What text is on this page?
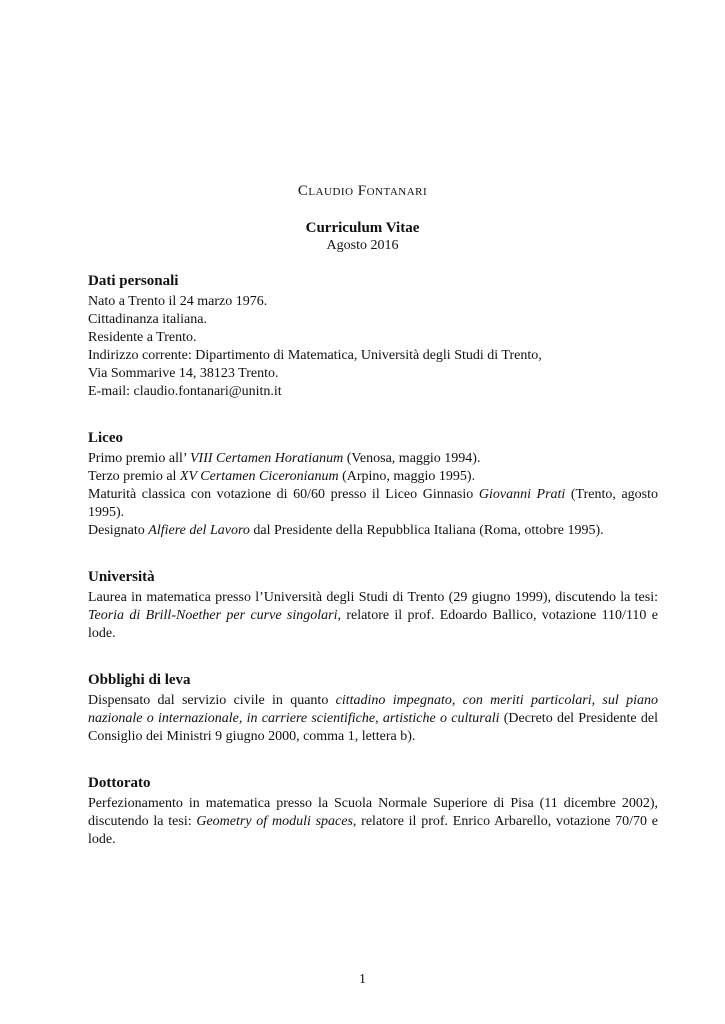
Claudio Fontanari
Curriculum Vitae
Agosto 2016
Dati personali
Nato a Trento il 24 marzo 1976.
Cittadinanza italiana.
Residente a Trento.
Indirizzo corrente: Dipartimento di Matematica, Università degli Studi di Trento,
Via Sommarive 14, 38123 Trento.
E-mail: claudio.fontanari@unitn.it
Liceo
Primo premio all’ VIII Certamen Horatianum (Venosa, maggio 1994).
Terzo premio al XV Certamen Ciceronianum (Arpino, maggio 1995).
Maturità classica con votazione di 60/60 presso il Liceo Ginnasio Giovanni Prati (Trento, agosto 1995).
Designato Alfiere del Lavoro dal Presidente della Repubblica Italiana (Roma, ottobre 1995).
Università
Laurea in matematica presso l’Università degli Studi di Trento (29 giugno 1999), discutendo la tesi: Teoria di Brill-Noether per curve singolari, relatore il prof. Edoardo Ballico, votazione 110/110 e lode.
Obblighi di leva
Dispensato dal servizio civile in quanto cittadino impegnato, con meriti particolari, sul piano nazionale o internazionale, in carriere scientifiche, artistiche o culturali (Decreto del Presidente del Consiglio dei Ministri 9 giugno 2000, comma 1, lettera b).
Dottorato
Perfezionamento in matematica presso la Scuola Normale Superiore di Pisa (11 dicembre 2002), discutendo la tesi: Geometry of moduli spaces, relatore il prof. Enrico Arbarello, votazione 70/70 e lode.
1
